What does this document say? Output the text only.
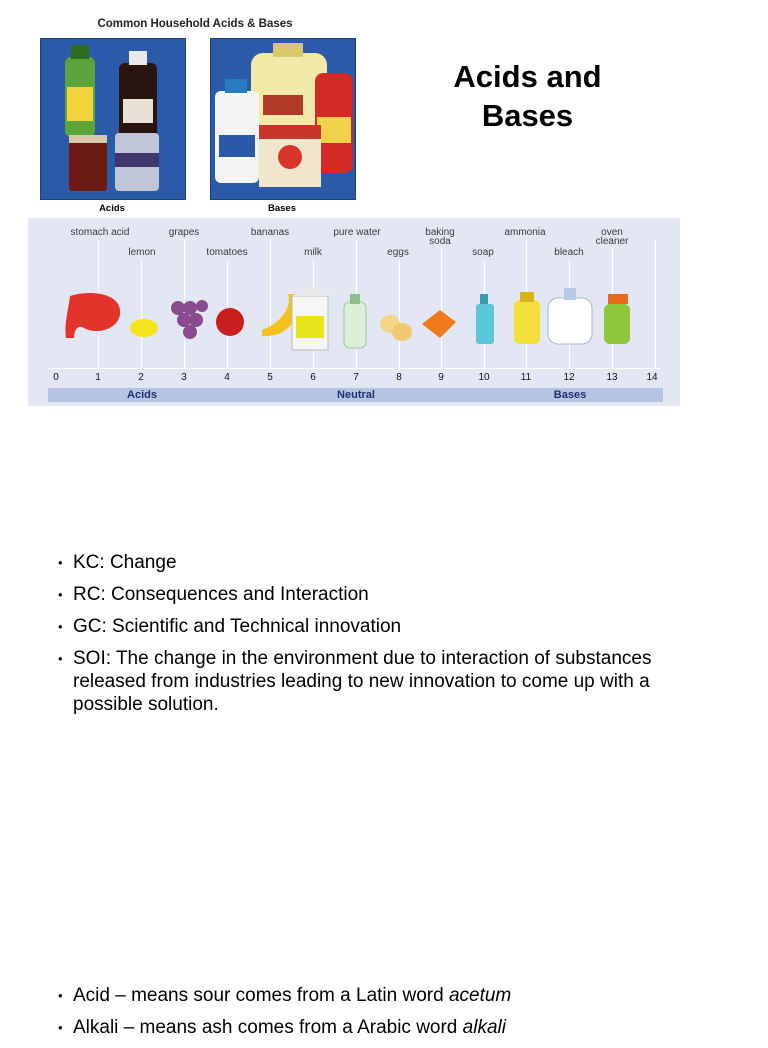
Common Household Acids & Bases
Acids	Bases
Acids and
Bases
stomach acid	grapes	bananas	pure water	baking soda
ammonia	oven cleaner
lemon	tomatoes	milk	eggs	soap	bleach
0	1	2	3	4	5	6	7	8	9	10	11	12	13	14
Acids	Neutral	Bases
• KC: Change
• RC: Consequences and Interaction
• GC: Scientific and Technical innovation
• SOI: The change in the environment due to interaction of substances released from industries leading to new innovation to come up with a possible solution.
• Acid – means sour comes from a Latin word acetum
• Alkali – means ash comes from a Arabic word alkali
